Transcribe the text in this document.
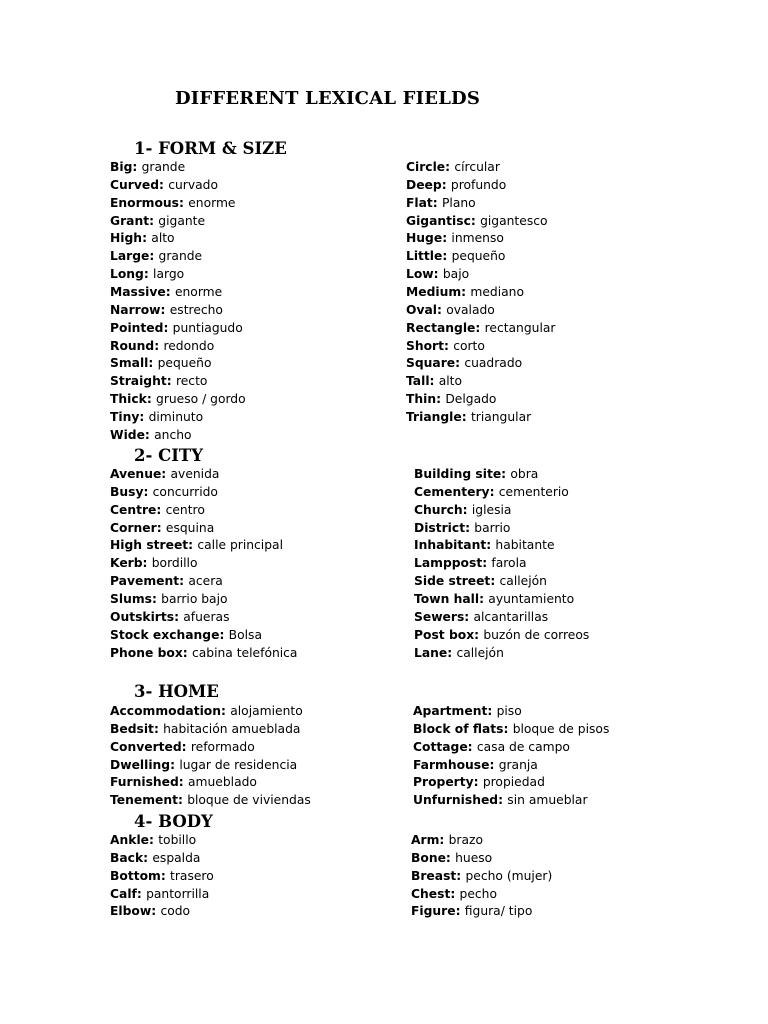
DIFFERENT LEXICAL FIELDS
1- FORM & SIZE
Big: grande
Curved: curvado
Enormous: enorme
Grant: gigante
High: alto
Large: grande
Long: largo
Massive: enorme
Narrow: estrecho
Pointed: puntiagudo
Round: redondo
Small: pequeño
Straight: recto
Thick: grueso / gordo
Tiny: diminuto
Wide: ancho
Circle: círcular
Deep: profundo
Flat: Plano
Gigantisc: gigantesco
Huge: inmenso
Little: pequeño
Low: bajo
Medium: mediano
Oval: ovalado
Rectangle: rectangular
Short: corto
Square: cuadrado
Tall: alto
Thin: Delgado
Triangle: triangular
2- CITY
Avenue: avenida
Busy: concurrido
Centre: centro
Corner: esquina
High street: calle principal
Kerb: bordillo
Pavement: acera
Slums: barrio bajo
Outskirts: afueras
Stock exchange: Bolsa
Phone box: cabina telefónica
Building site: obra
Cementery: cementerio
Church: iglesia
District: barrio
Inhabitant: habitante
Lamppost: farola
Side street: callejón
Town hall: ayuntamiento
Sewers: alcantarillas
Post box: buzón de correos
Lane: callejón
3- HOME
Accommodation: alojamiento
Bedsit: habitación amueblada
Converted: reformado
Dwelling: lugar de residencia
Furnished: amueblado
Tenement: bloque de viviendas
Apartment: piso
Block of flats: bloque de pisos
Cottage: casa de campo
Farmhouse: granja
Property: propiedad
Unfurnished: sin amueblar
4- BODY
Ankle: tobillo
Back: espalda
Bottom: trasero
Calf: pantorrilla
Elbow: codo
Arm: brazo
Bone: hueso
Breast: pecho (mujer)
Chest: pecho
Figure: figura/ tipo
